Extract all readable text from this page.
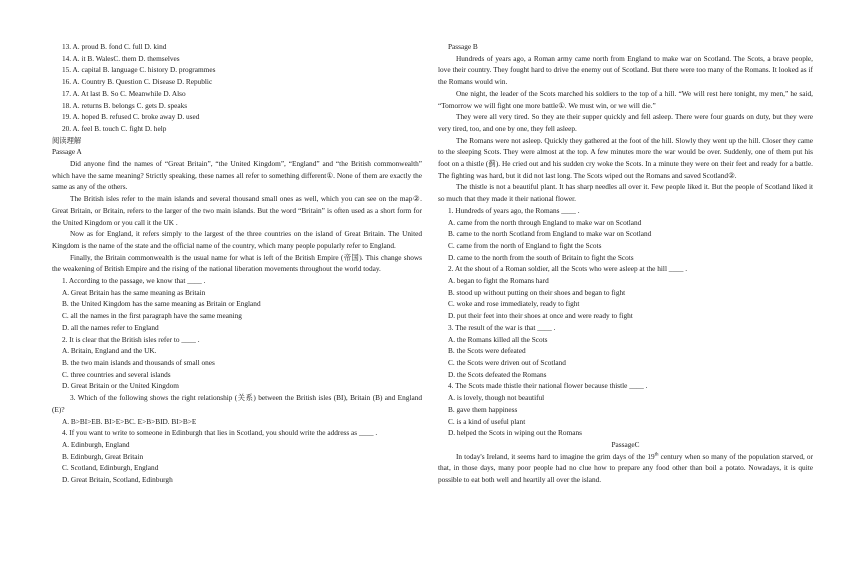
13. A. proud B. fond C. full D. kind
14. A. it B. WalesC. them D. themselves
15. A. capital B. language C. history D. programmes
16. A. Country B. Question C. Disease D. Republic
17. A. At last B. So C. Meanwhile D. Also
18. A. returns B. belongs C. gets D. speaks
19. A. hoped B. refused C. broke away D. used
20. A. feel B. touch C. fight D. help
阅读理解
Passage A
Did anyone find the names of “Great Britain”, “the United Kingdom”, “England” and “the British commonwealth” which have the same meaning? Strictly speaking, these names all refer to something different①. None of them are exactly the same as any of the others.
The British isles refer to the main islands and several thousand small ones as well, which you can see on the map②. Great Britain, or Britain, refers to the larger of the two main islands. But the word “Britain” is often used as a short form for the United Kingdom or you call it the UK .
Now as for England, it refers simply to the largest of the three countries on the island of Great Britain. The United Kingdom is the name of the state and the official name of the country, which many people popularly refer to England.
Finally, the Britain commonwealth is the usual name for what is left of the British Empire (帝国). This change shows the weakening of British Empire and the rising of the national liberation movements throughout the world today.
1. According to the passage, we know that ____ .
A. Great Britain has the same meaning as Britain
B. the United Kingdom has the same meaning as Britain or England
C. all the names in the first paragraph have the same meaning
D. all the names refer to England
2. It is clear that the British isles refer to ____ .
A. Britain, England and the UK.
B. the two main islands and thousands of small ones
C. three countries and several islands
D. Great Britain or the United Kingdom
3. Which of the following shows the right relationship (关系) between the British isles (BI), Britain (B) and England (E)?
A. B>BI>EB. BI>E>BC. E>B>BID. BI>B>E
4. If you want to write to someone in Edinburgh that lies in Scotland, you should write the address as ____ .
A. Edinburgh, England
B. Edinburgh, Great Britain
C. Scotland, Edinburgh, England
D. Great Britain, Scotland, Edinburgh
Passage B
Hundreds of years ago, a Roman army came north from England to make war on Scotland. The Scots, a brave people, love their country. They fought hard to drive the enemy out of Scotland. But there were too many of the Romans. It looked as if the Romans would win.
One night, the leader of the Scots marched his soldiers to the top of a hill. “We will rest here tonight, my men,” he said, “Tomorrow we will fight one more battle①. We must win, or we will die.”
They were all very tired. So they ate their supper quickly and fell asleep. There were four guards on duty, but they were very tired, too, and one by one, they fell asleep.
The Romans were not asleep. Quickly they gathered at the foot of the hill. Slowly they went up the hill. Closer they came to the sleeping Scots. They were almost at the top. A few minutes more the war would be over. Suddenly, one of them put his foot on a thistle (蓟). He cried out and his sudden cry woke the Scots. In a minute they were on their feet and ready for a battle. The fighting was hard, but it did not last long. The Scots wiped out the Romans and saved Scotland②.
The thistle is not a beautiful plant. It has sharp needles all over it. Few people liked it. But the people of Scotland liked it so much that they made it their national flower.
1. Hundreds of years ago, the Romans ____ .
A. came from the north through England to make war on Scotland
B. came to the north Scotland from England to make war on Scotland
C. came from the north of England to fight the Scots
D. came to the north from the south of Britain to fight the Scots
2. At the shout of a Roman soldier, all the Scots who were asleep at the hill ____ .
A. began to fight the Romans hard
B. stood up without putting on their shoes and began to fight
C. woke and rose immediately, ready to fight
D. put their feet into their shoes at once and were ready to fight
3. The result of the war is that ____ .
A. the Romans killed all the Scots
B. the Scots were defeated
C. the Scots were driven out of Scotland
D. the Scots defeated the Romans
4. The Scots made thistle their national flower because thistle ____ .
A. is lovely, though not beautiful
B. gave them happiness
C. is a kind of useful plant
D. helped the Scots in wiping out the Romans
PassageC
In today's Ireland, it seems hard to imagine the grim days of the 19th century when so many of the population starved, or that, in those days, many poor people had no clue how to prepare any food other than boil a potato. Nowadays, it is quite possible to eat both well and heartily all over the island.
